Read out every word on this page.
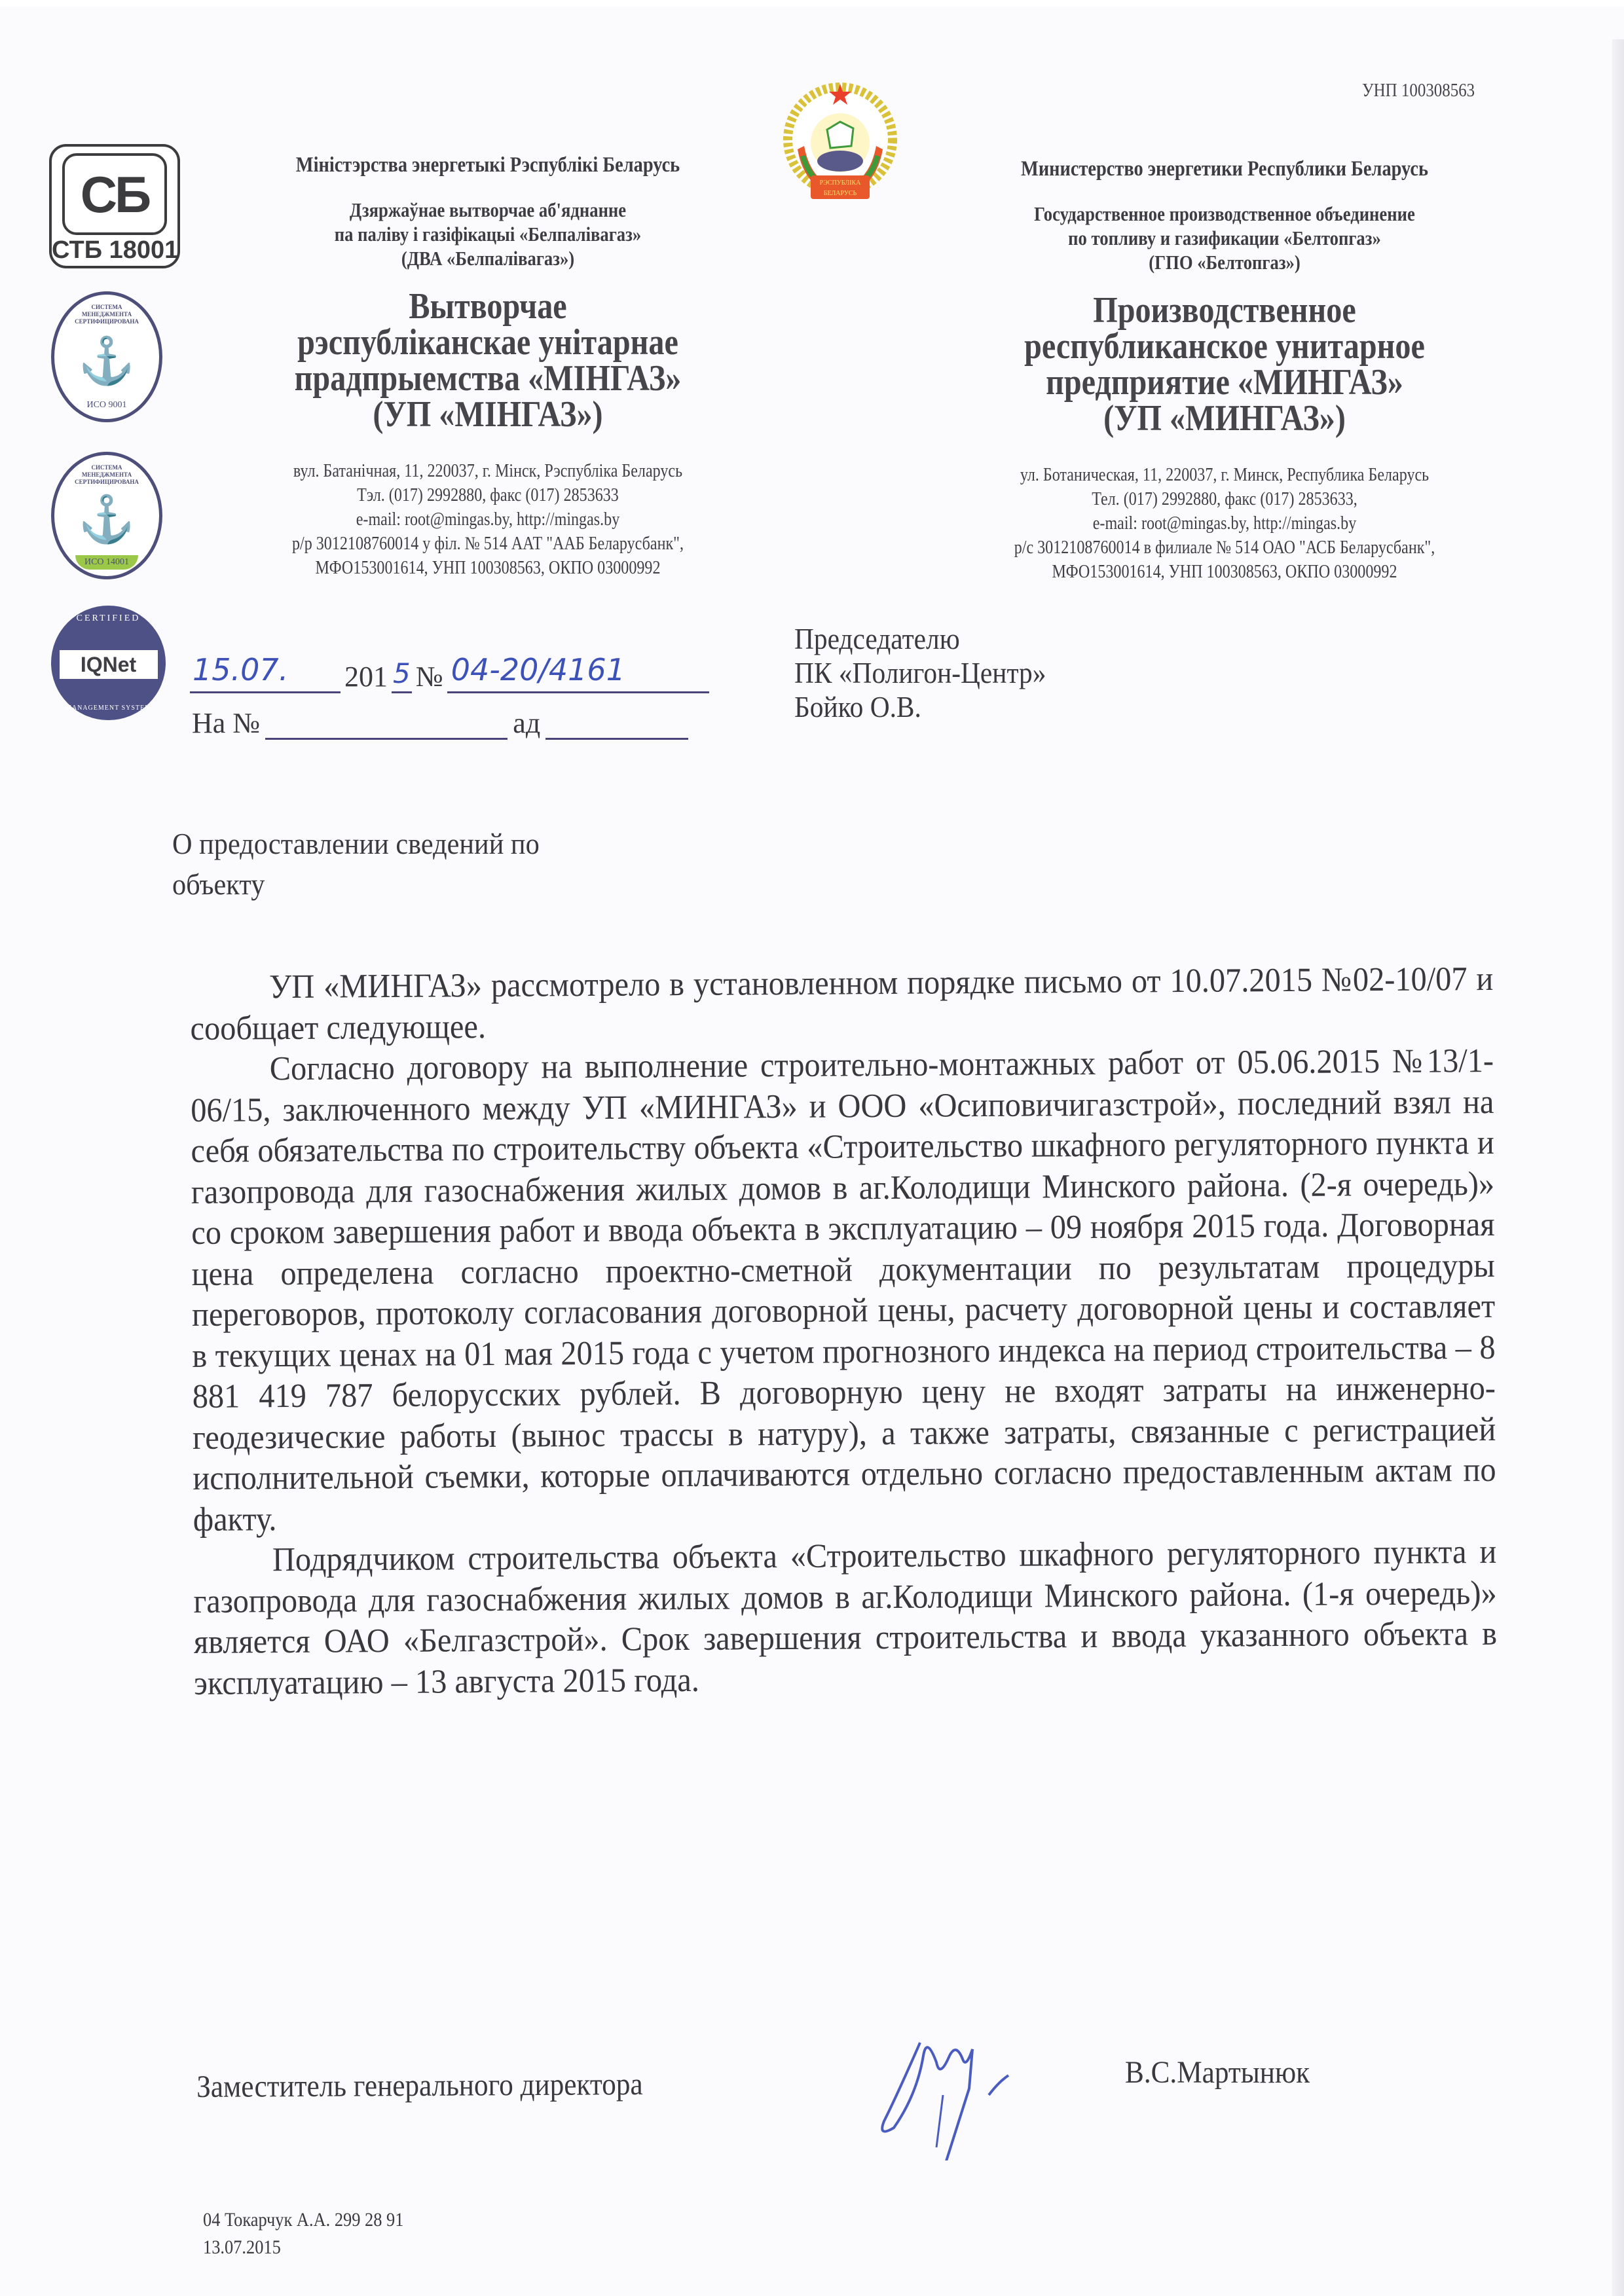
УНП 100308563
СБ
СТБ 18001
СИСТЕМА МЕНЕДЖМЕНТА СЕРТИФИЦИРОВАНА
⚓
ИСО 9001
СИСТЕМА МЕНЕДЖМЕНТА СЕРТИФИЦИРОВАНА
⚓
ИСО 14001
CERTIFIED
IQNet
MANAGEMENT SYSTEM
РЭСПУБЛІКА
БЕЛАРУСЬ
Міністэрства энергетыкі Рэспублікі Беларусь
Дзяржаўнае вытворчае аб'яднанне
па паліву і газіфікацыі «Белпалівагаз»
(ДВА «Белпалівагаз»)
Вытворчае
рэспубліканскае унітарнае
прадпрыемства «МІНГАЗ»
(УП «МІНГАЗ»)
вул. Батанічная, 11, 220037, г. Мінск, Рэспубліка Беларусь
Тэл. (017) 2992880, факс (017) 2853633
e-mail: root@mingas.by, http://mingas.by
р/р 3012108760014 у філ. № 514 ААТ "ААБ Беларусбанк",
МФО153001614, УНП 100308563, ОКПО 03000992
Министерство энергетики Республики Беларусь
Государственное производственное объединение
по топливу и газификации «Белтопгаз»
(ГПО «Белтопгаз»)
Производственное
республиканское унитарное
предприятие «МИНГАЗ»
(УП «МИНГАЗ»)
ул. Ботаническая, 11, 220037, г. Минск, Республика Беларусь
Тел. (017) 2992880, факс (017) 2853633,
e-mail: root@mingas.by, http://mingas.by
р/с 3012108760014 в филиале № 514 ОАО "АСБ Беларусбанк",
МФО153001614, УНП 100308563, ОКПО 03000992
15.07. 201 5 № 04-20/4161
На №	ад
Председателю
ПК «Полигон-Центр»
Бойко О.В.
О предоставлении сведений по
объекту

УП «МИНГАЗ» рассмотрело в установленном порядке письмо от 10.07.2015 №02-10/07 и сообщает следующее.

Согласно договору на выполнение строительно-монтажных работ от 05.06.2015 №13/1-06/15, заключенного между УП «МИНГАЗ» и ООО «Осиповичигазстрой», последний взял на себя обязательства по строительству объекта «Строительство шкафного регуляторного пункта и газопровода для газоснабжения жилых домов в аг.Колодищи Минского района. (2-я очередь)» со сроком завершения работ и ввода объекта в эксплуатацию – 09 ноября 2015 года. Договорная цена определена согласно проектно-сметной документации по результатам процедуры переговоров, протоколу согласования договорной цены, расчету договорной цены и составляет в текущих ценах на 01 мая 2015 года с учетом прогнозного индекса на период строительства – 8 881 419 787 белорусских рублей. В договорную цену не входят затраты на инженерно-геодезические работы (вынос трассы в натуру), а также затраты, связанные с регистрацией исполнительной съемки, которые оплачиваются отдельно согласно предоставленным актам по факту.

Подрядчиком строительства объекта «Строительство шкафного регуляторного пункта и газопровода для газоснабжения жилых домов в аг.Колодищи Минского района. (1-я очередь)» является ОАО «Белгазстрой». Срок завершения строительства и ввода указанного объекта в эксплуатацию – 13 августа 2015 года.

Заместитель генерального директора	В.С.Мартынюк
04 Токарчук А.А. 299 28 91
13.07.2015
